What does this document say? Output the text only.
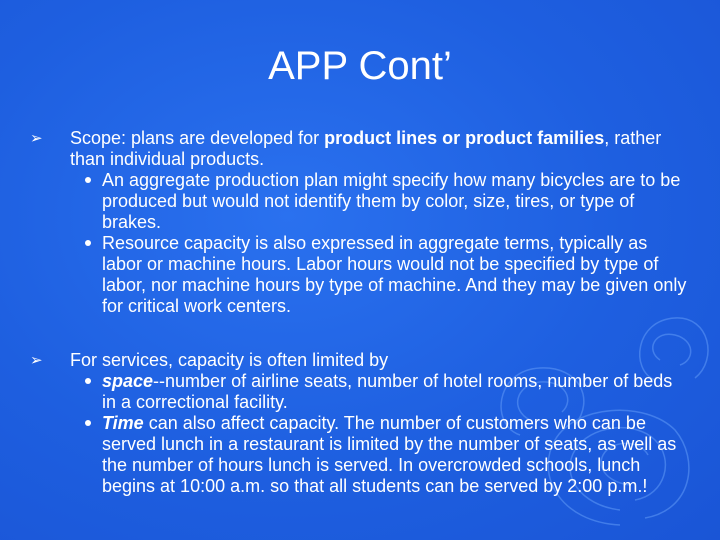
APP Cont’
➢ Scope: plans are developed for product lines or product families, rather than individual products.

An aggregate production plan might specify how many bicycles are to be produced but would not identify them by color, size, tires, or type of brakes.

Resource capacity is also expressed in aggregate terms, typically as labor or machine hours. Labor hours would not be specified by type of labor, nor machine hours by type of machine. And they may be given only for critical work centers.

➢ For services, capacity is often limited by

space--number of airline seats, number of hotel rooms, number of beds in a correctional facility.

Time can also affect capacity. The number of customers who can be served lunch in a restaurant is limited by the number of seats, as well as the number of hours lunch is served. In overcrowded schools, lunch begins at 10:00 a.m. so that all students can be served by 2:00 p.m.!
